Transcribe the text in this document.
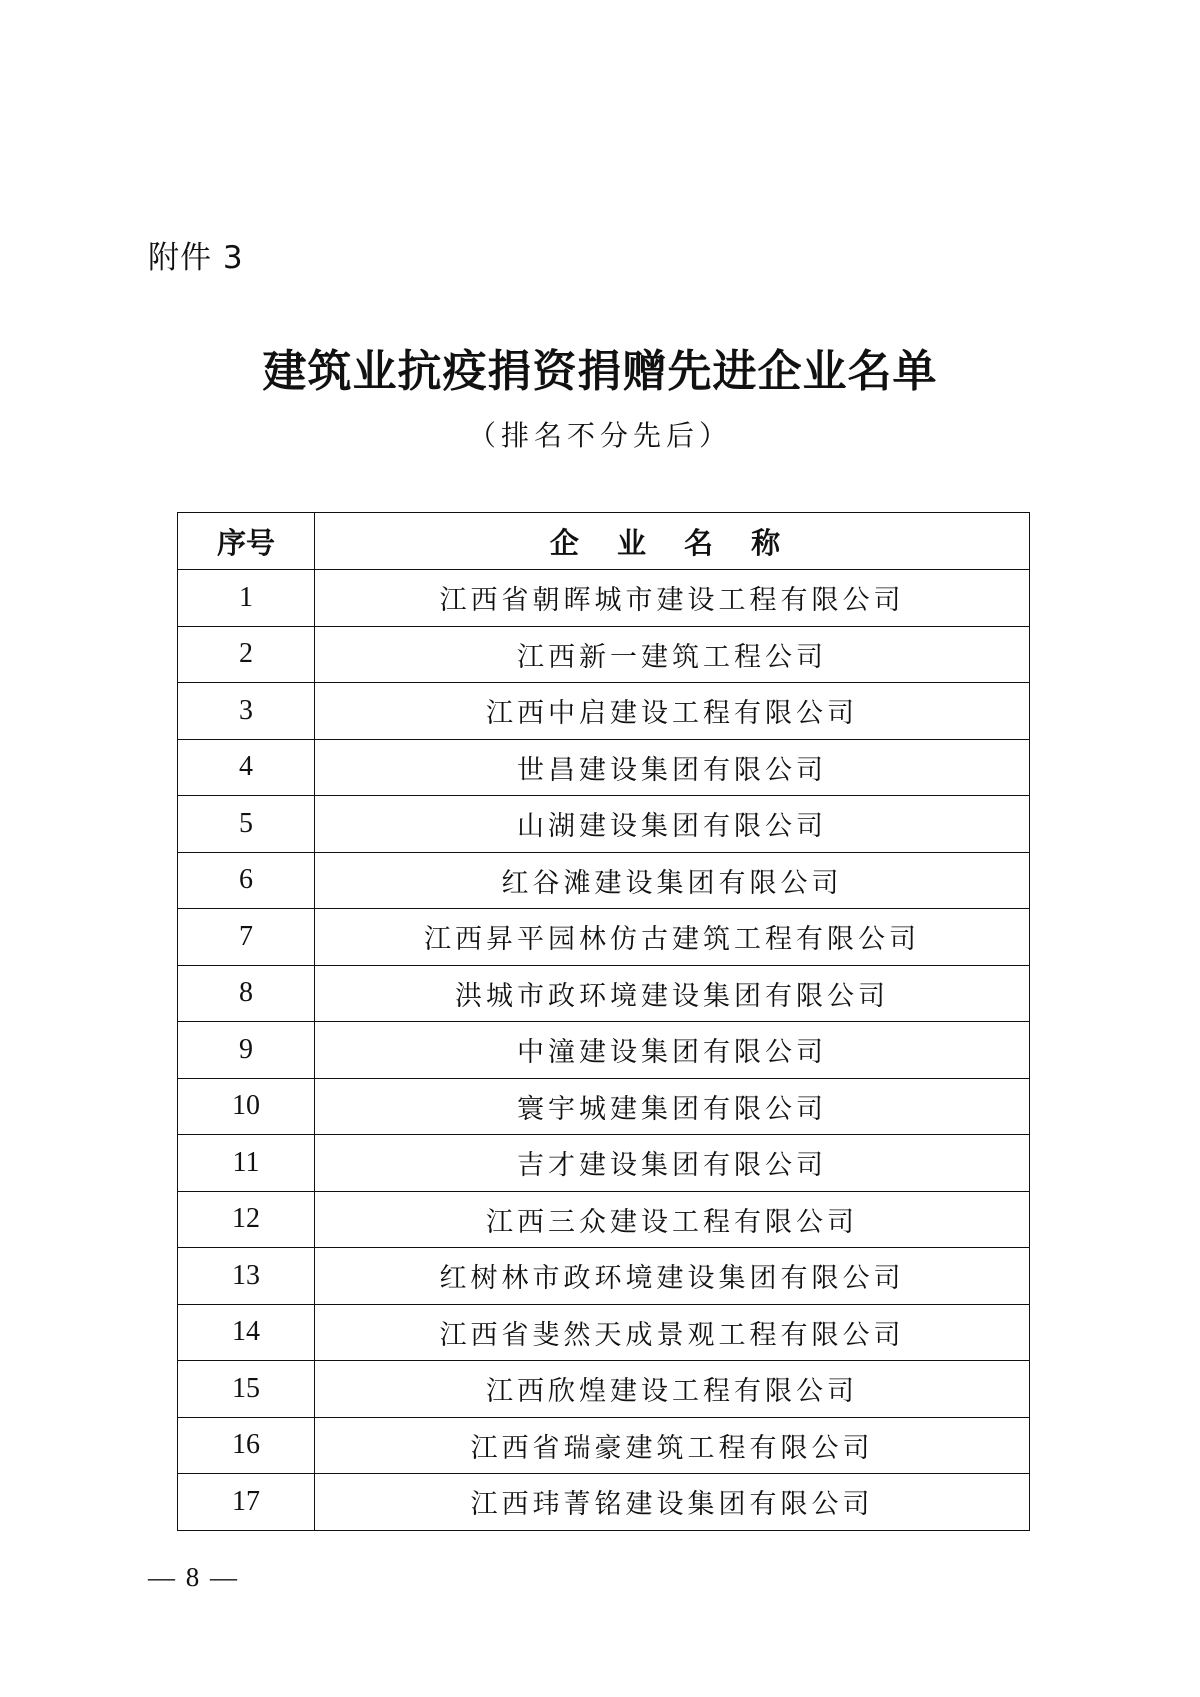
附件 3
建筑业抗疫捐资捐赠先进企业名单
（排名不分先后）
序号	企 业 名 称
1	江西省朝晖城市建设工程有限公司
2	江西新一建筑工程公司
3	江西中启建设工程有限公司
4	世昌建设集团有限公司
5	山湖建设集团有限公司
6	红谷滩建设集团有限公司
7	江西昇平园林仿古建筑工程有限公司
8	洪城市政环境建设集团有限公司
9	中潼建设集团有限公司
10	寰宇城建集团有限公司
11	吉才建设集团有限公司
12	江西三众建设工程有限公司
13	红树林市政环境建设集团有限公司
14	江西省斐然天成景观工程有限公司
15	江西欣煌建设工程有限公司
16	江西省瑞豪建筑工程有限公司
17	江西玮菁铭建设集团有限公司
— 8 —
